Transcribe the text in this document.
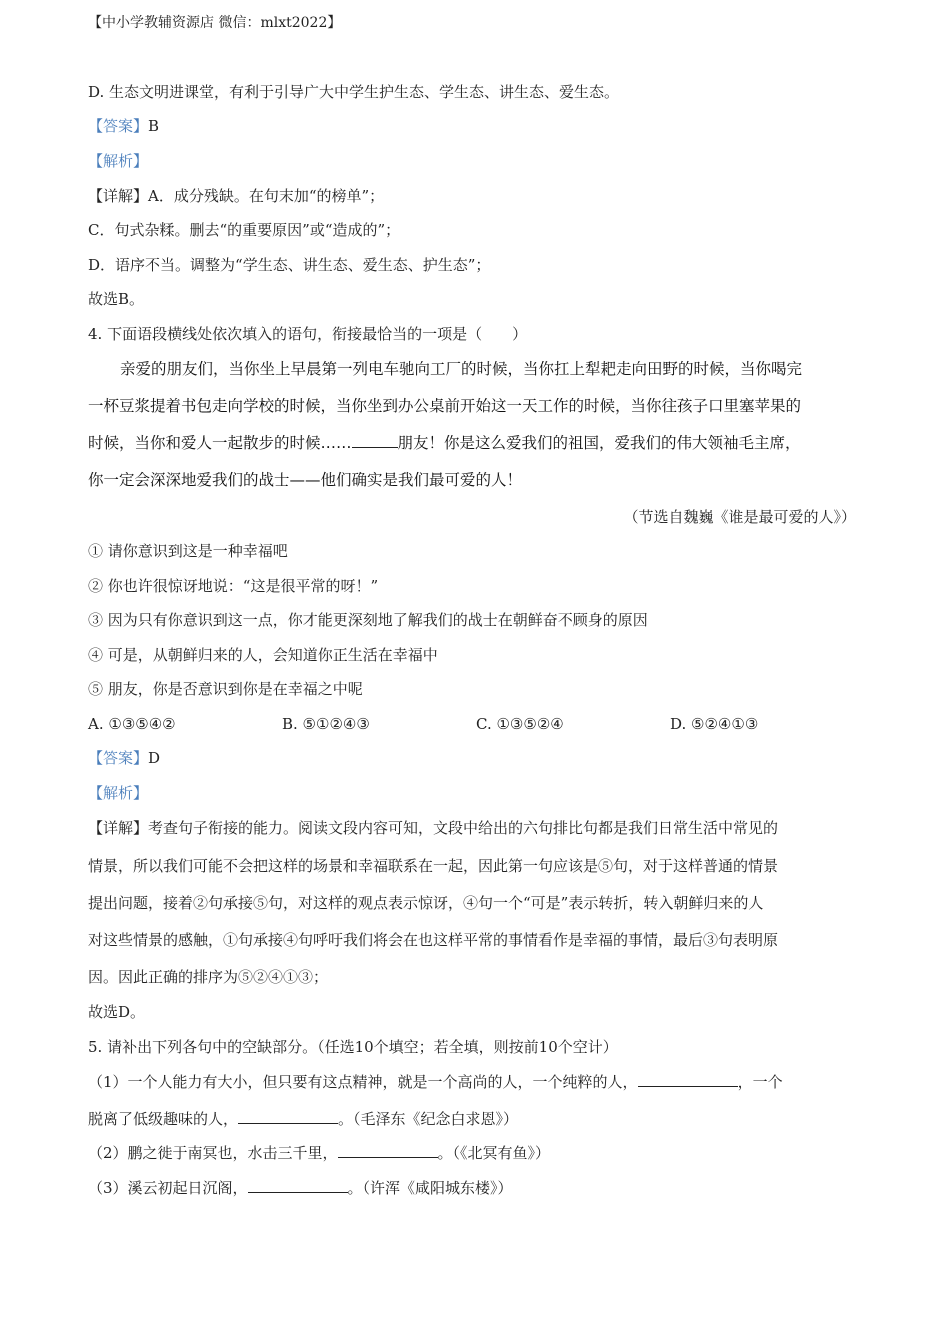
【中小学教辅资源店 微信：mlxt2022】
D. 生态文明进课堂，有利于引导广大中学生护生态、学生态、讲生态、爱生态。
【答案】B
【解析】
【详解】A．成分残缺。在句末加“的榜单”；
C．句式杂糅。删去“的重要原因”或“造成的”；
D．语序不当。调整为“学生态、讲生态、爱生态、护生态”；
故选B。
4. 下面语段横线处依次填入的语句，衔接最恰当的一项是（　　）
亲爱的朋友们，当你坐上早晨第一列电车驰向工厂的时候，当你扛上犁耙走向田野的时候，当你喝完
一杯豆浆提着书包走向学校的时候，当你坐到办公桌前开始这一天工作的时候，当你往孩子口里塞苹果的
时候，当你和爱人一起散步的时候……	朋友！你是这么爱我们的祖国，爱我们的伟大领袖毛主席，
你一定会深深地爱我们的战士——他们确实是我们最可爱的人！
（节选自魏巍《谁是最可爱的人》）
① 请你意识到这是一种幸福吧
② 你也许很惊讶地说：“这是很平常的呀！”
③ 因为只有你意识到这一点，你才能更深刻地了解我们的战士在朝鲜奋不顾身的原因
④ 可是，从朝鲜归来的人，会知道你正生活在幸福中
⑤ 朋友，你是否意识到你是在幸福之中呢
A. ①③⑤④②	B. ⑤①②④③	C. ①③⑤②④	D. ⑤②④①③
【答案】D
【解析】
【详解】考查句子衔接的能力。阅读文段内容可知，文段中给出的六句排比句都是我们日常生活中常见的
情景，所以我们可能不会把这样的场景和幸福联系在一起，因此第一句应该是⑤句，对于这样普通的情景
提出问题，接着②句承接⑤句，对这样的观点表示惊讶，④句一个“可是”表示转折，转入朝鲜归来的人
对这些情景的感触，①句承接④句呼吁我们将会在也这样平常的事情看作是幸福的事情，最后③句表明原
因。因此正确的排序为⑤②④①③；
故选D。
5. 请补出下列各句中的空缺部分。（任选10个填空；若全填，则按前10个空计）
（1）一个人能力有大小，但只要有这点精神，就是一个高尚的人，一个纯粹的人，	，一个
脱离了低级趣味的人，	。（毛泽东《纪念白求恩》）
（2）鹏之徙于南冥也，水击三千里，	。（《北冥有鱼》）
（3）溪云初起日沉阁，	。（许浑《咸阳城东楼》）
